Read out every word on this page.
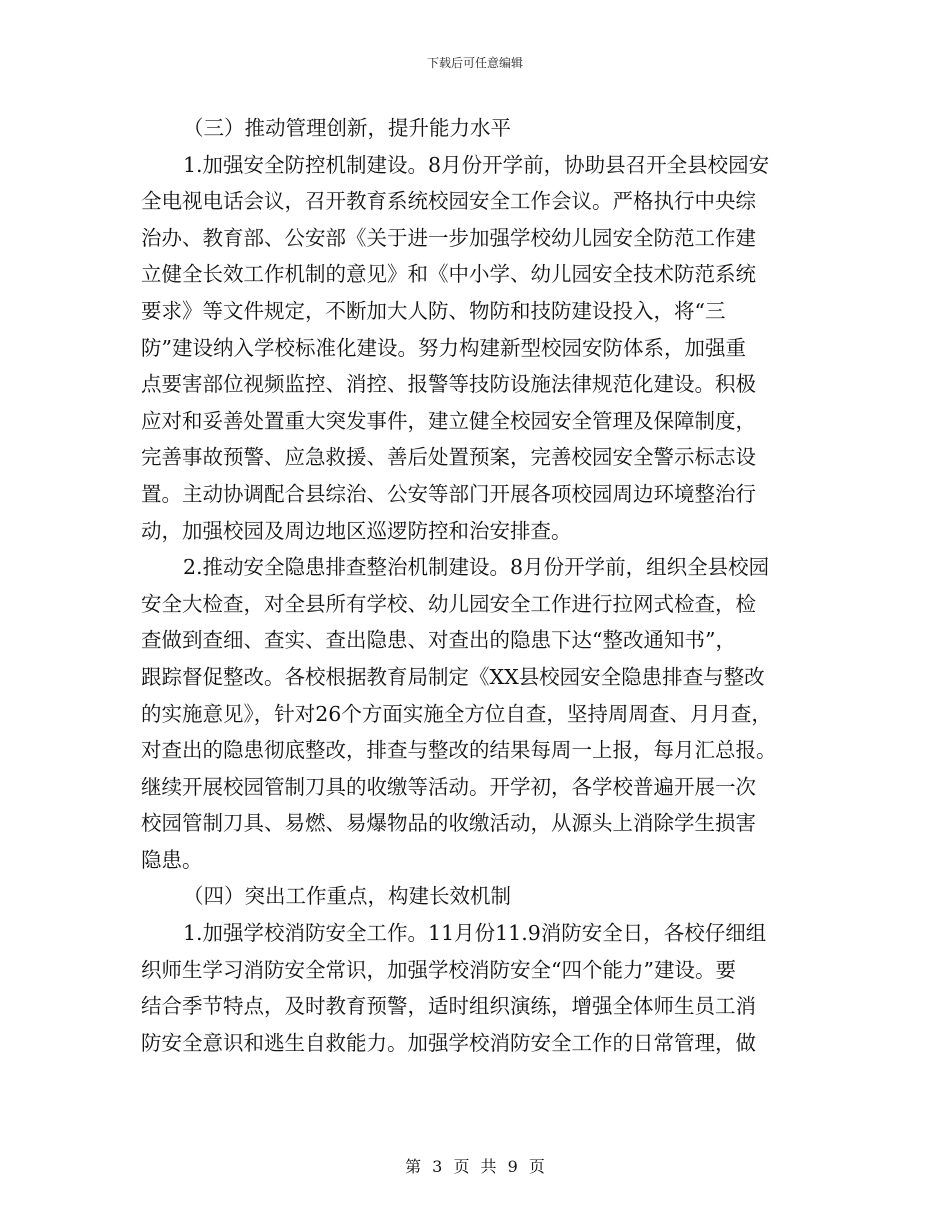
下载后可任意编辑
（三）推动管理创新，提升能力水平
1.加强安全防控机制建设。8月份开学前，协助县召开全县校园安
全电视电话会议，召开教育系统校园安全工作会议。严格执行中央综
治办、教育部、公安部《关于进一步加强学校幼儿园安全防范工作建
立健全长效工作机制的意见》和《中小学、幼儿园安全技术防范系统
要求》等文件规定，不断加大人防、物防和技防建设投入，将“三
防”建设纳入学校标准化建设。努力构建新型校园安防体系，加强重
点要害部位视频监控、消控、报警等技防设施法律规范化建设。积极
应对和妥善处置重大突发事件，建立健全校园安全管理及保障制度，
完善事故预警、应急救援、善后处置预案，完善校园安全警示标志设
置。主动协调配合县综治、公安等部门开展各项校园周边环境整治行
动，加强校园及周边地区巡逻防控和治安排查。
2.推动安全隐患排查整治机制建设。8月份开学前，组织全县校园
安全大检查，对全县所有学校、幼儿园安全工作进行拉网式检查，检
查做到查细、查实、查出隐患、对查出的隐患下达“整改通知书”，
跟踪督促整改。各校根据教育局制定《XX县校园安全隐患排查与整改
的实施意见》，针对26个方面实施全方位自查，坚持周周查、月月查，
对查出的隐患彻底整改，排查与整改的结果每周一上报，每月汇总报。
继续开展校园管制刀具的收缴等活动。开学初，各学校普遍开展一次
校园管制刀具、易燃、易爆物品的收缴活动，从源头上消除学生损害
隐患。
（四）突出工作重点，构建长效机制
1.加强学校消防安全工作。11月份11.9消防安全日，各校仔细组
织师生学习消防安全常识，加强学校消防安全“四个能力”建设。要
结合季节特点，及时教育预警，适时组织演练，增强全体师生员工消
防安全意识和逃生自救能力。加强学校消防安全工作的日常管理，做
第 3 页 共 9 页
